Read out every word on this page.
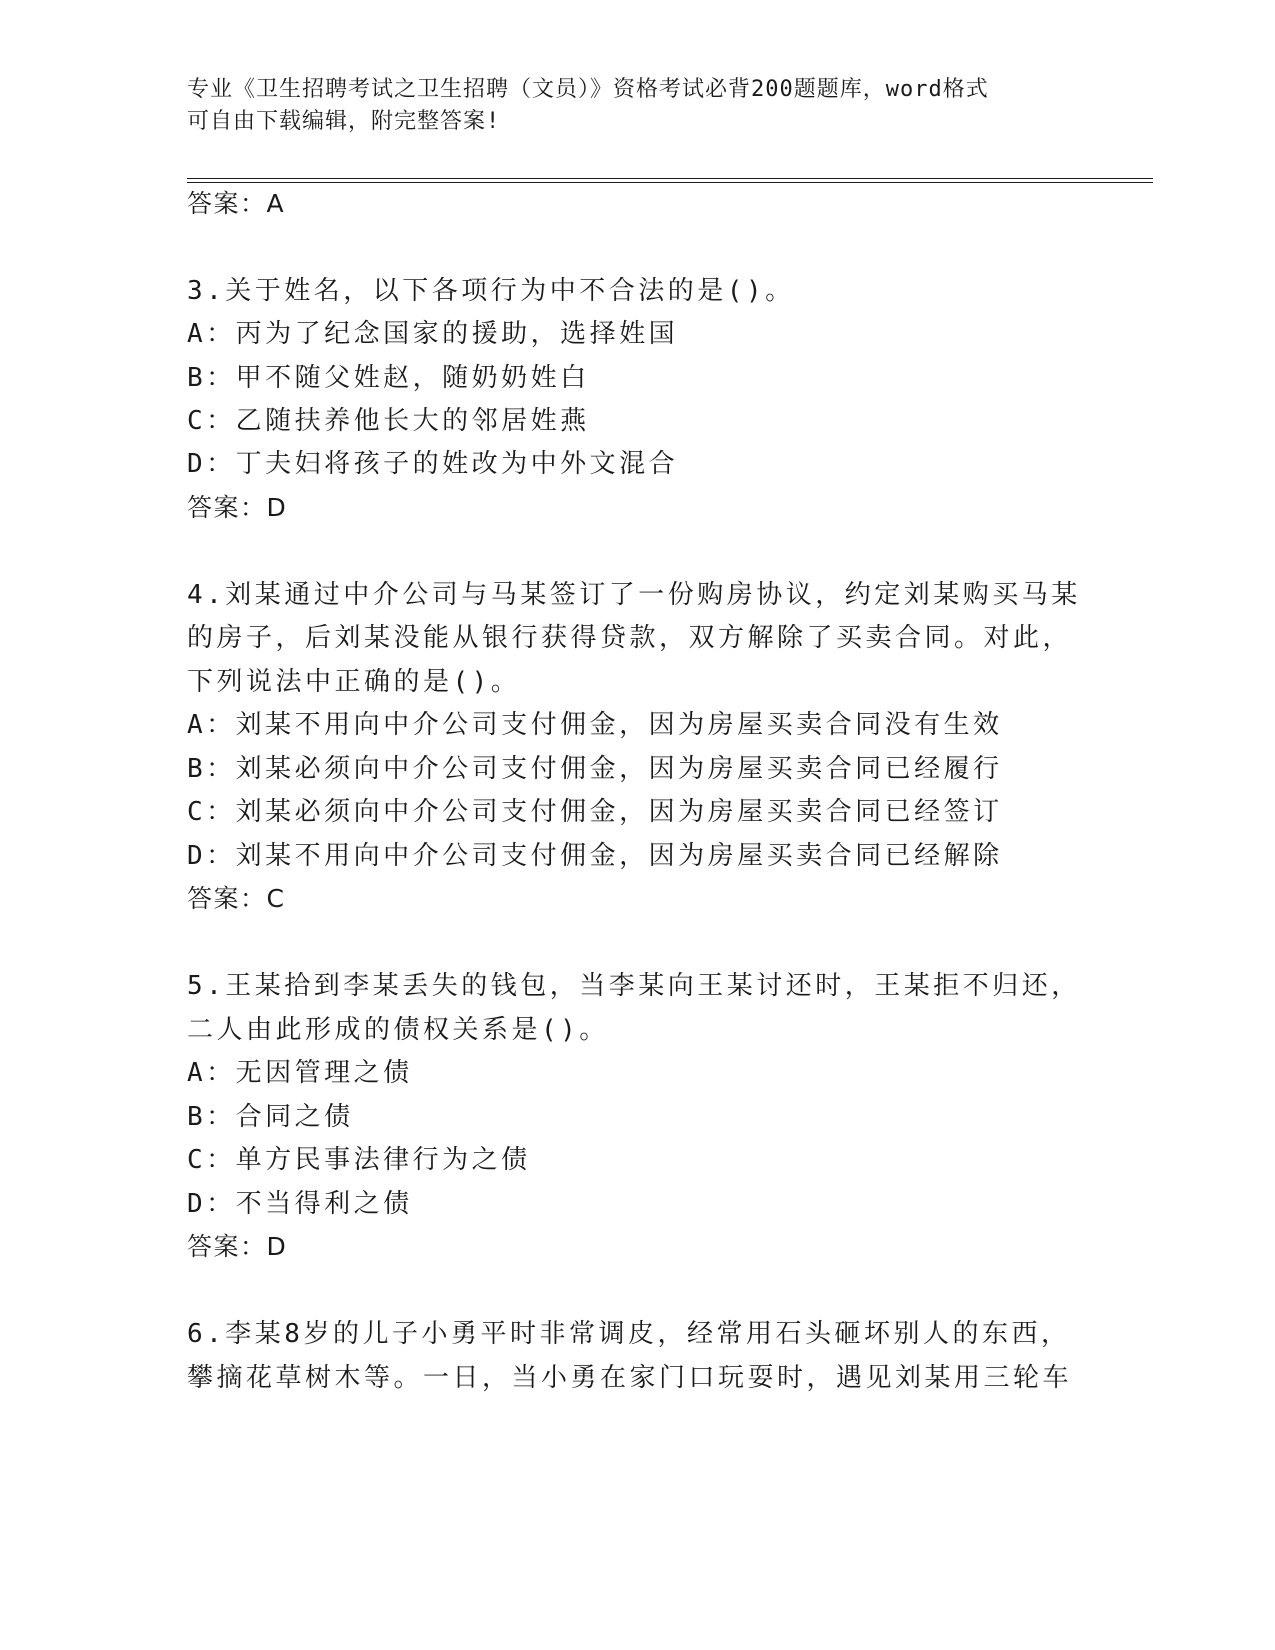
专业《卫生招聘考试之卫生招聘（文员）》资格考试必背200题题库，word格式
可自由下载编辑，附完整答案!
答案：A
3.关于姓名，以下各项行为中不合法的是()。
A：丙为了纪念国家的援助，选择姓国
B：甲不随父姓赵，随奶奶姓白
C：乙随扶养他长大的邻居姓燕
D：丁夫妇将孩子的姓改为中外文混合
答案：D
4.刘某通过中介公司与马某签订了一份购房协议，约定刘某购买马某
的房子，后刘某没能从银行获得贷款，双方解除了买卖合同。对此，
下列说法中正确的是()。
A：刘某不用向中介公司支付佣金，因为房屋买卖合同没有生效
B：刘某必须向中介公司支付佣金，因为房屋买卖合同已经履行
C：刘某必须向中介公司支付佣金，因为房屋买卖合同已经签订
D：刘某不用向中介公司支付佣金，因为房屋买卖合同已经解除
答案：C
5.王某拾到李某丢失的钱包，当李某向王某讨还时，王某拒不归还，
二人由此形成的债权关系是()。
A：无因管理之债
B：合同之债
C：单方民事法律行为之债
D：不当得利之债
答案：D
6.李某8岁的儿子小勇平时非常调皮，经常用石头砸坏别人的东西，
攀摘花草树木等。一日，当小勇在家门口玩耍时，遇见刘某用三轮车
